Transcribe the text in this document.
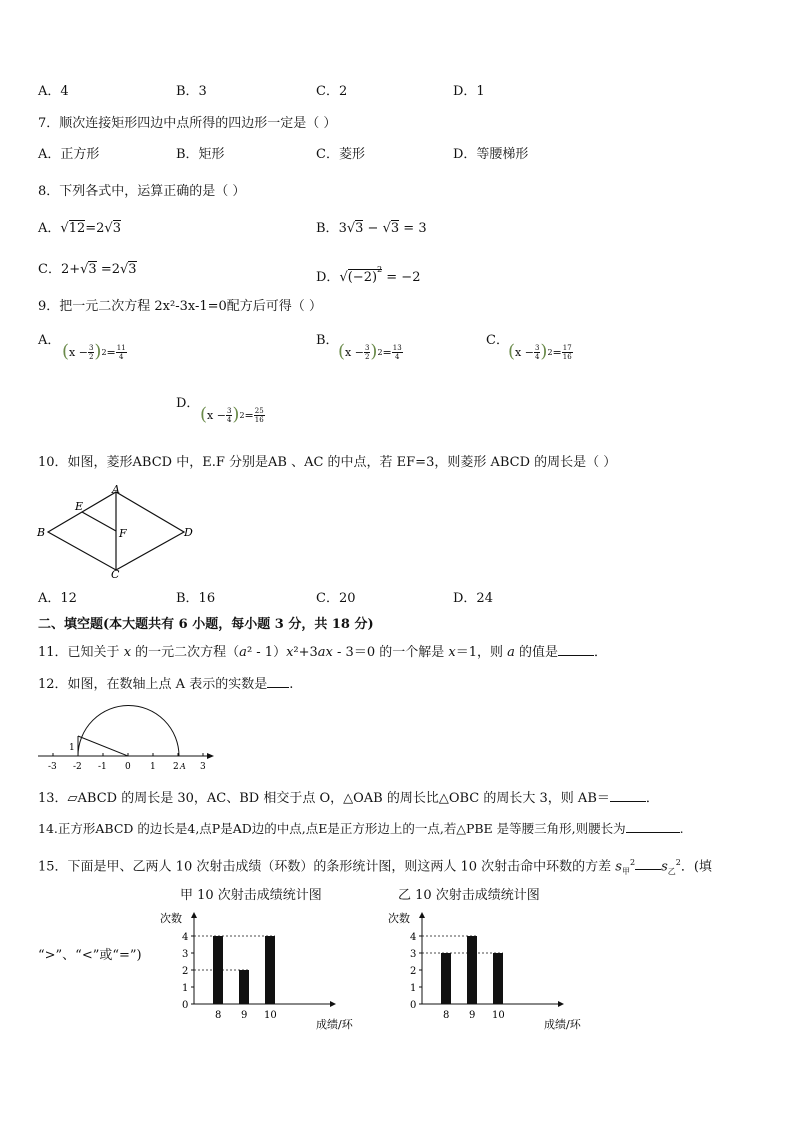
A．4	B．3	C．2	D．1
7．顺次连接矩形四边中点所得的四边形一定是（ ）
A．正方形	B．矩形	C．菱形	D．等腰梯形
8．下列各式中，运算正确的是（ ）
A．√12=2√3	B．3√3 − √3 = 3
C．2+√3 =2√3
D．$√(-2)^2 = -2$
9．把一元二次方程 2x²-3x-1=0配方后可得（ ）
A．
( $x - \frac{3}{2}$ ) $2 = \frac{11}{4}$
B．
( $x - \frac{3}{2}$ ) $2 = \frac{13}{4}$
C．
( $x - \frac{3}{4}$ ) $2 = \frac{17}{16}$
D．
( $x - \frac{3}{4}$ ) $2 = \frac{25}{16}$
10．如图，菱形ABCD 中，E.F 分别是AB 、AC 的中点，若 EF=3，则菱形 ABCD 的周长是（ ）
A
B
C
D
E
F
A．12	B．16	C．20	D．24
二、填空题(本大题共有 6 小题，每小题 3 分，共 18 分)
11．已知关于 x 的一元二次方程（a² - 1）x²+3ax - 3＝0 的一个解是 x＝1，则 a 的值是	．
12．如图，在数轴上点 A 表示的实数是 .
1
-3 -2 -1 0 1 2 A 3
13．▱ABCD 的周长是 30，AC、BD 相交于点 O，△OAB 的周长比△OBC 的周长大 3，则 AB＝	．
14.正方形ABCD 的边长是4,点P是AD边的中点,点E是正方形边上的一点,若△PBE 是等腰三角形,则腰长为	.
15．下面是甲、乙两人 10 次射击成绩（环数）的条形统计图，则这两人 10 次射击命中环数的方差 $s_甲^2$ $s_乙^2$．(填
“>”、“<”或“=”)
甲 10 次射击成绩统计图	乙 10 次射击成绩统计图
次数
成绩/环
0
1
2
3
4
8 9 10
次数
成绩/环
0
1
2
3
4
8 9 10
